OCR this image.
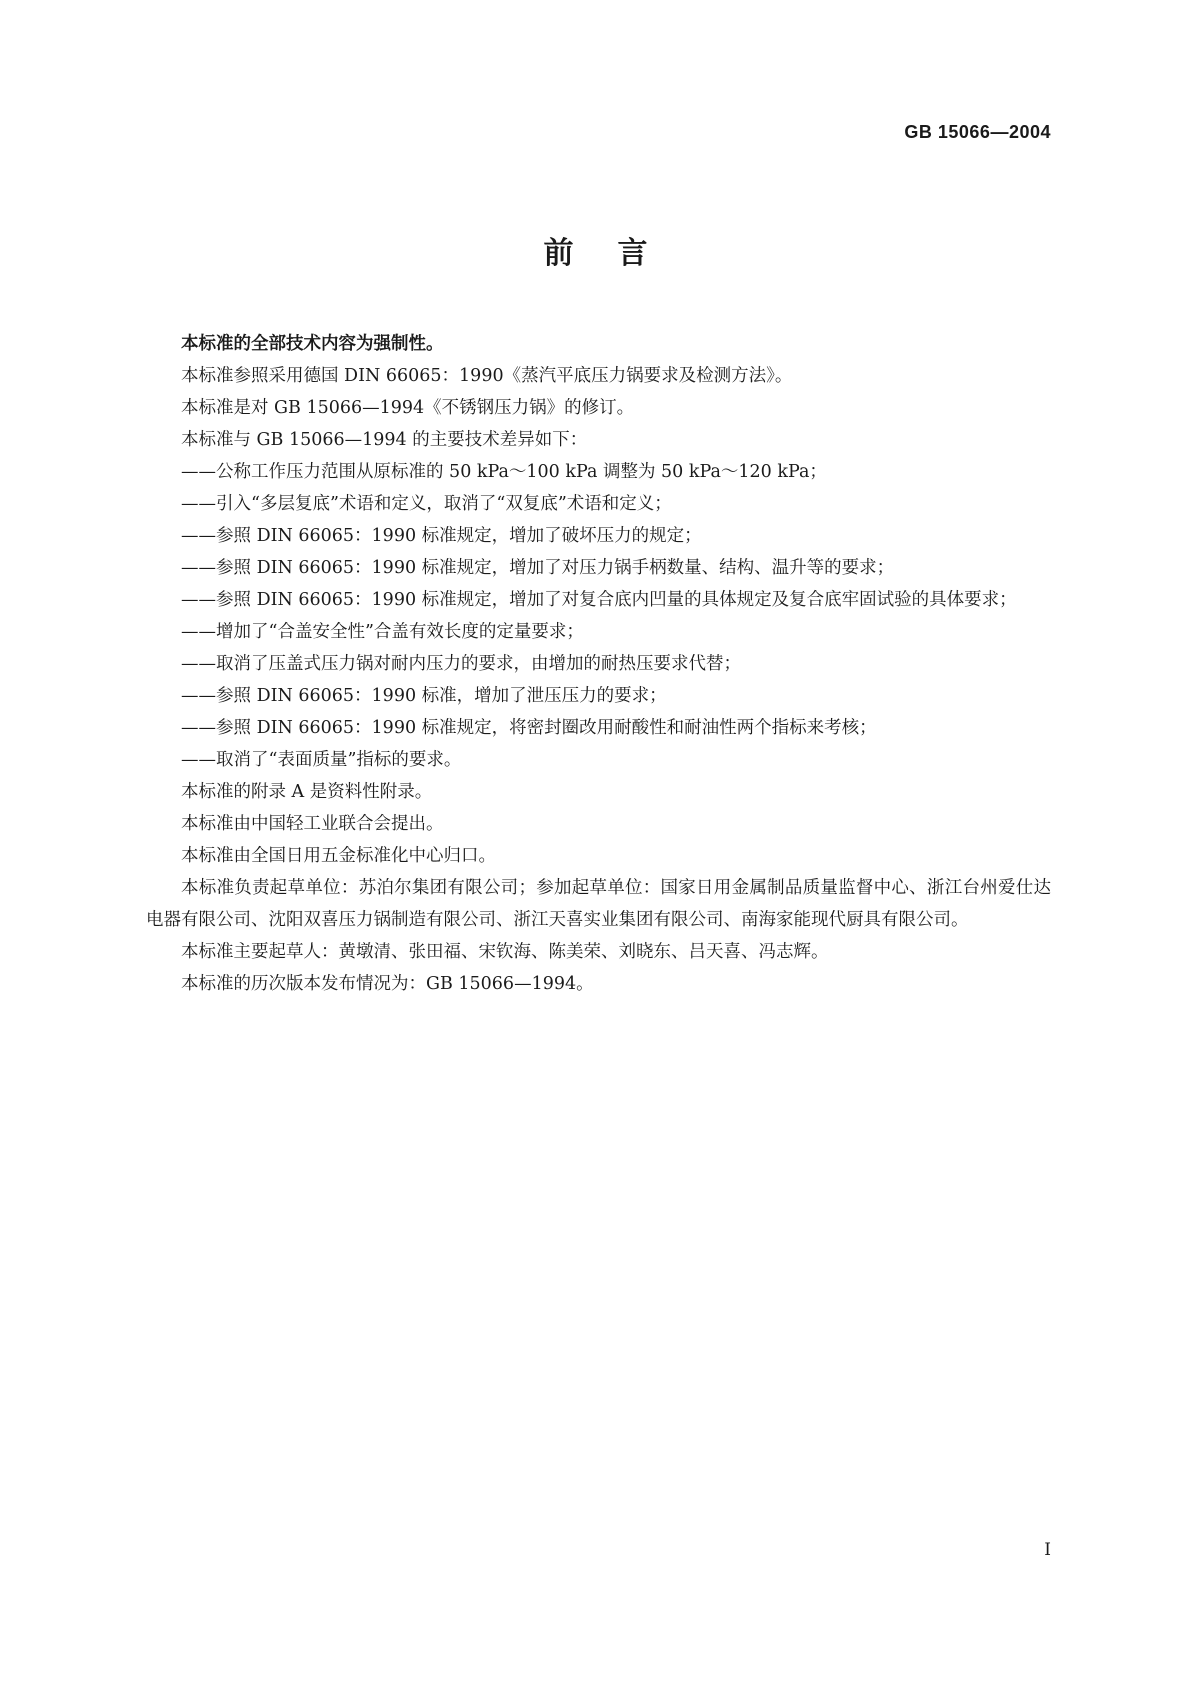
GB 15066—2004
前言

本标准的全部技术内容为强制性。

本标准参照采用德国 DIN 66065：1990《蒸汽平底压力锅要求及检测方法》。

本标准是对 GB 15066—1994《不锈钢压力锅》的修订。

本标准与 GB 15066—1994 的主要技术差异如下：

——公称工作压力范围从原标准的 50 kPa～100 kPa 调整为 50 kPa～120 kPa；

——引入“多层复底”术语和定义，取消了“双复底”术语和定义；

——参照 DIN 66065：1990 标准规定，增加了破坏压力的规定；

——参照 DIN 66065：1990 标准规定，增加了对压力锅手柄数量、结构、温升等的要求；

——参照 DIN 66065：1990 标准规定，增加了对复合底内凹量的具体规定及复合底牢固试验的具体要求；

——增加了“合盖安全性”合盖有效长度的定量要求；

——取消了压盖式压力锅对耐内压力的要求，由增加的耐热压要求代替；

——参照 DIN 66065：1990 标准，增加了泄压压力的要求；

——参照 DIN 66065：1990 标准规定，将密封圈改用耐酸性和耐油性两个指标来考核；

——取消了“表面质量”指标的要求。

本标准的附录 A 是资料性附录。

本标准由中国轻工业联合会提出。

本标准由全国日用五金标准化中心归口。

本标准负责起草单位：苏泊尔集团有限公司；参加起草单位：国家日用金属制品质量监督中心、浙江台州爱仕达电器有限公司、沈阳双喜压力锅制造有限公司、浙江天喜实业集团有限公司、南海家能现代厨具有限公司。

本标准主要起草人：黄墩清、张田福、宋钦海、陈美荣、刘晓东、吕天喜、冯志辉。

本标准的历次版本发布情况为：GB 15066—1994。

I
